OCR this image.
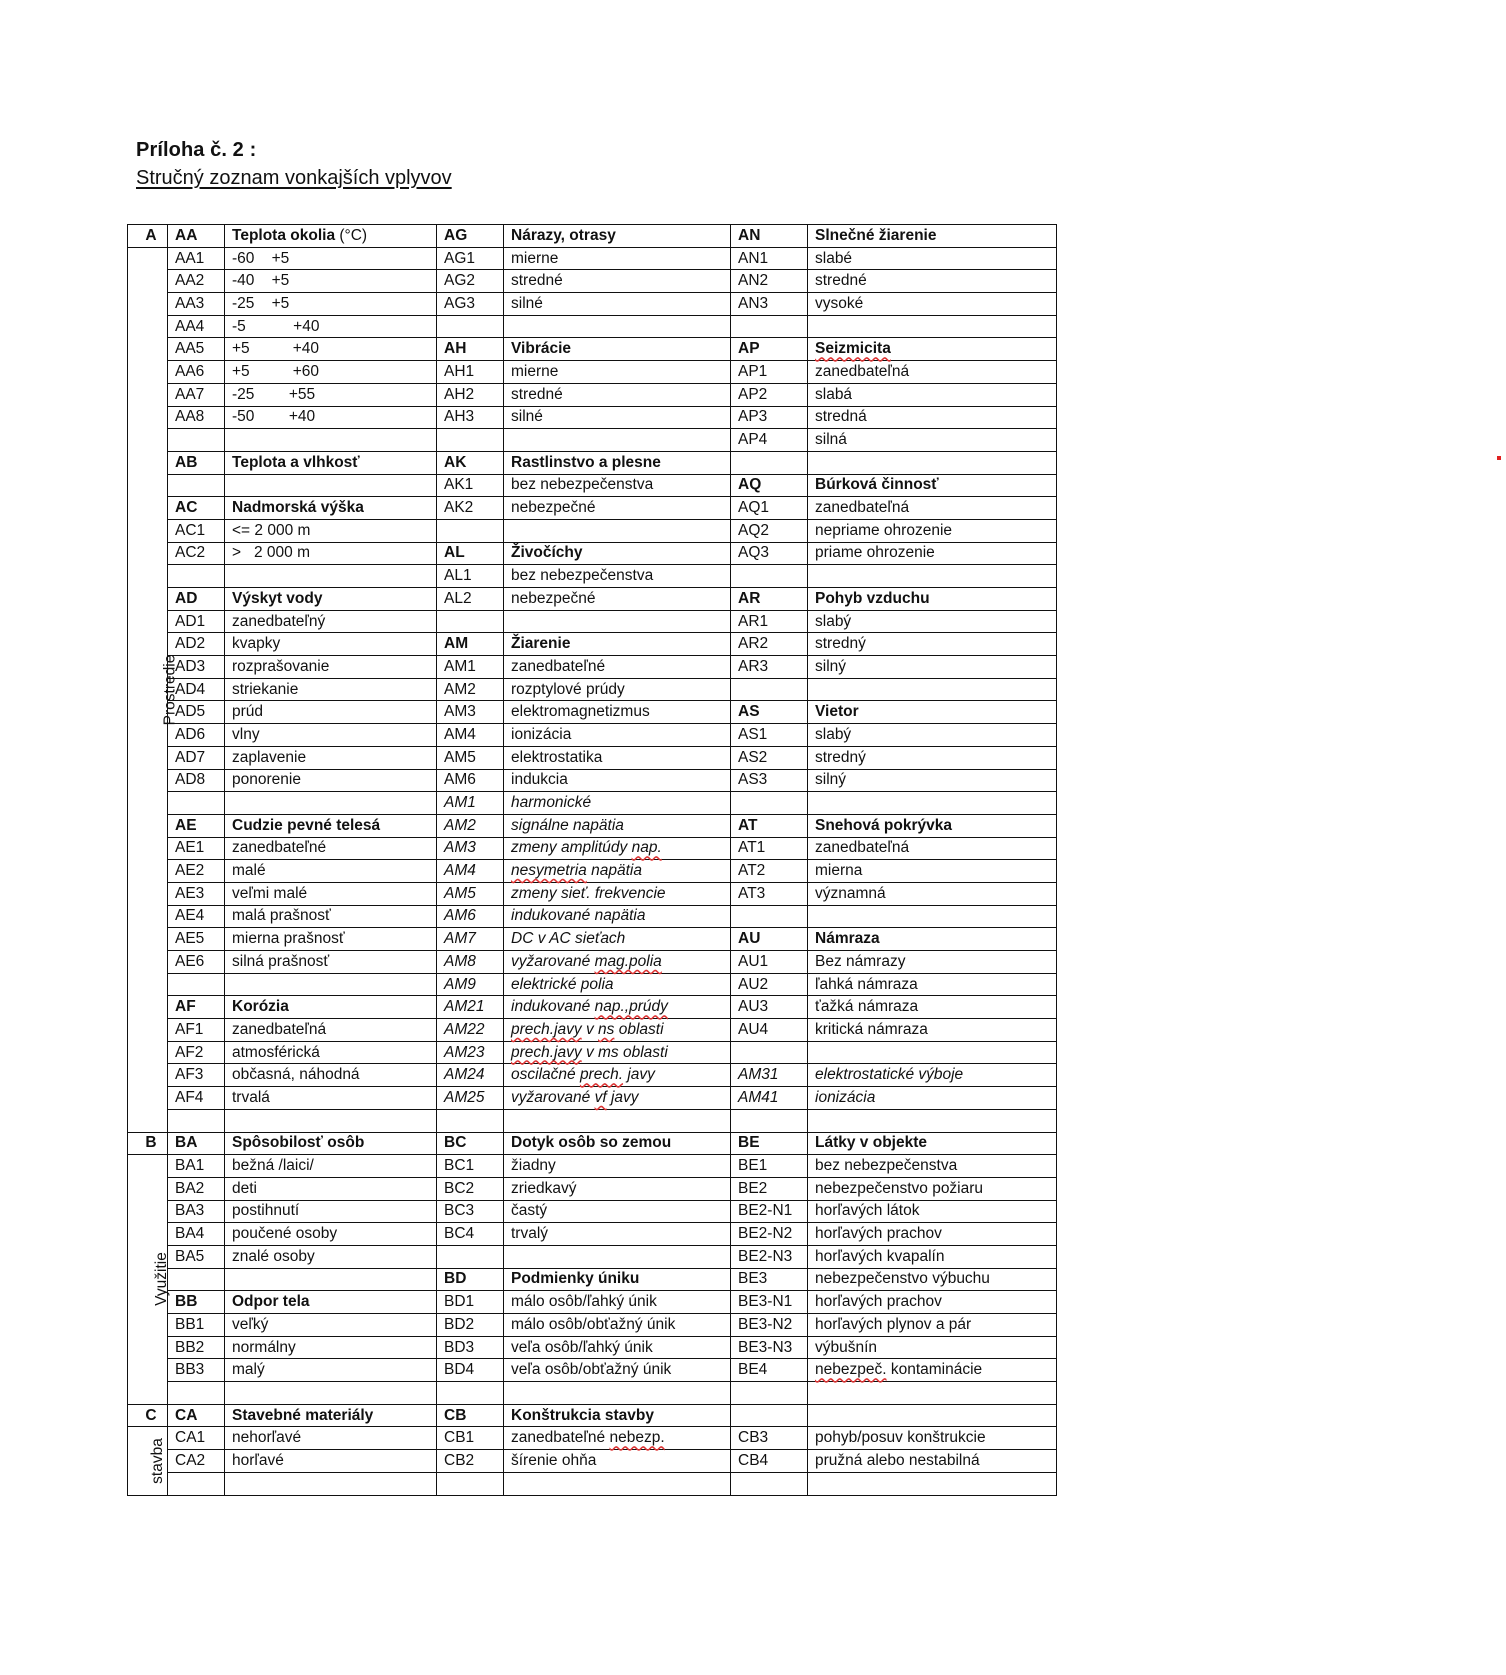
Príloha č. 2 :
Stručný zoznam vonkajších vplyvov
A	AA	Teplota okolia (°C)	AG	Nárazy, otrasy	AN	Slnečné žiarenie
Prostredie	AA1	-60    +5	AG1	mierne	AN1	slabé
	AA2	-40    +5	AG2	stredné	AN2	stredné
	AA3	-25    +5	AG3	silné	AN3	vysoké
	AA4	-5           +40				
	AA5	+5          +40	AH	Vibrácie	AP	Seizmicita
	AA6	+5          +60	AH1	mierne	AP1	zanedbateľná
	AA7	-25        +55	AH2	stredné	AP2	slabá
	AA8	-50        +40	AH3	silné	AP3	stredná
					AP4	silná
	AB	Teplota a vlhkosť	AK	Rastlinstvo a plesne		
			AK1	bez nebezpečenstva	AQ	Búrková činnosť
	AC	Nadmorská výška	AK2	nebezpečné	AQ1	zanedbateľná
	AC1	<= 2 000 m			AQ2	nepriame ohrozenie
	AC2	>   2 000 m	AL	Živočíchy	AQ3	priame ohrozenie
			AL1	bez nebezpečenstva		
	AD	Výskyt vody	AL2	nebezpečné	AR	Pohyb vzduchu
	AD1	zanedbateľný			AR1	slabý
	AD2	kvapky	AM	Žiarenie	AR2	stredný
	AD3	rozprašovanie	AM1	zanedbateľné	AR3	silný
	AD4	striekanie	AM2	rozptylové prúdy		
	AD5	prúd	AM3	elektromagnetizmus	AS	Vietor
	AD6	vlny	AM4	ionizácia	AS1	slabý
	AD7	zaplavenie	AM5	elektrostatika	AS2	stredný
	AD8	ponorenie	AM6	indukcia	AS3	silný
			AM1	harmonické		
	AE	Cudzie pevné telesá	AM2	signálne napätia	AT	Snehová pokrývka
	AE1	zanedbateľné	AM3	zmeny amplitúdy nap.	AT1	zanedbateľná
	AE2	malé	AM4	nesymetria napätia	AT2	mierna
	AE3	veľmi malé	AM5	zmeny sieť. frekvencie	AT3	významná
	AE4	malá prašnosť	AM6	indukované napätia		
	AE5	mierna prašnosť	AM7	DC v AC sieťach	AU	Námraza
	AE6	silná prašnosť	AM8	vyžarované mag.polia	AU1	Bez námrazy
			AM9	elektrické polia	AU2	ľahká námraza
	AF	Korózia	AM21	indukované nap.,prúdy	AU3	ťažká námraza
	AF1	zanedbateľná	AM22	prech.javy v ns oblasti	AU4	kritická námraza
	AF2	atmosférická	AM23	prech.javy v ms oblasti		
	AF3	občasná, náhodná	AM24	oscilačné prech. javy	AM31	elektrostatické výboje
	AF4	trvalá	AM25	vyžarované vf javy	AM41	ionizácia

B	BA	Spôsobilosť osôb	BC	Dotyk osôb so zemou	BE	Látky v objekte
Využitie	BA1	bežná /laici/	BC1	žiadny	BE1	bez nebezpečenstva
	BA2	deti	BC2	zriedkavý	BE2	nebezpečenstvo požiaru
	BA3	postihnutí	BC3	častý	BE2-N1	horľavých látok
	BA4	poučené osoby	BC4	trvalý	BE2-N2	horľavých prachov
	BA5	znalé osoby			BE2-N3	horľavých kvapalín
			BD	Podmienky úniku	BE3	nebezpečenstvo výbuchu
	BB	Odpor tela	BD1	málo osôb/ľahký únik	BE3-N1	horľavých prachov
	BB1	veľký	BD2	málo osôb/obťažný únik	BE3-N2	horľavých plynov a pár
	BB2	normálny	BD3	veľa osôb/ľahký únik	BE3-N3	výbušnín
	BB3	malý	BD4	veľa osôb/obťažný únik	BE4	nebezpeč. kontaminácie

C	CA	Stavebné materiály	CB	Konštrukcia stavby		
stavba	CA1	nehorľavé	CB1	zanedbateľné nebezp.	CB3	pohyb/posuv konštrukcie
	CA2	horľavé	CB2	šírenie ohňa	CB4	pružná alebo nestabilná
